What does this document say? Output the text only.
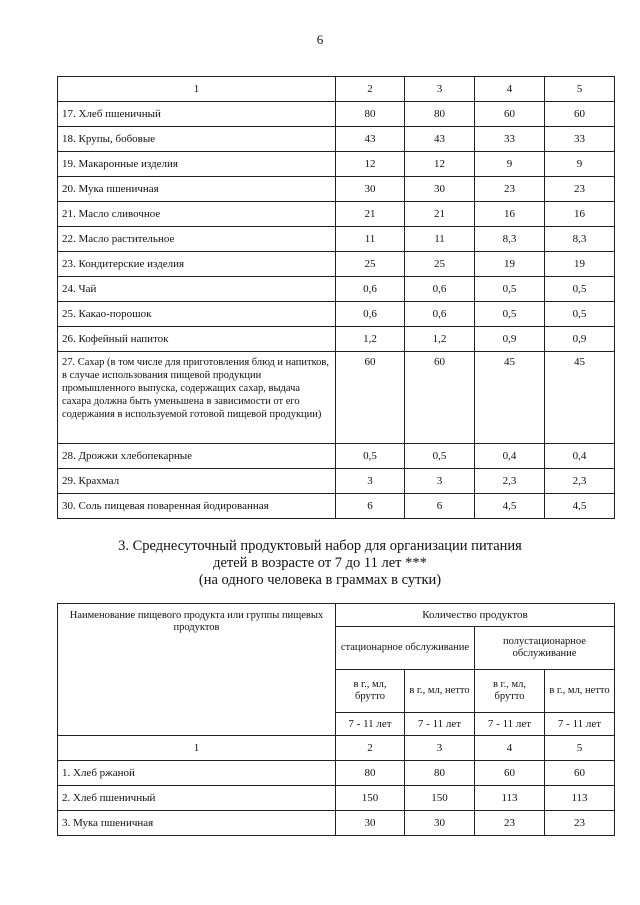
6
1	2	3	4	5
17. Хлеб пшеничный	80	80	60	60
18. Крупы, бобовые	43	43	33	33
19. Макаронные изделия	12	12	9	9
20. Мука пшеничная	30	30	23	23
21. Масло сливочное	21	21	16	16
22. Масло растительное	11	11	8,3	8,3
23. Кондитерские изделия	25	25	19	19
24. Чай	0,6	0,6	0,5	0,5
25. Какао-порошок	0,6	0,6	0,5	0,5
26. Кофейный напиток	1,2	1,2	0,9	0,9
27. Сахар (в том числе для приготовления блюд и напитков, в случае использования пищевой продукции промышленного выпуска, содержащих сахар, выдача сахара должна быть уменьшена в зависимости от его содержания в используемой готовой пищевой продукции)	60	60	45	45
28. Дрожжи хлебопекарные	0,5	0,5	0,4	0,4
29. Крахмал	3	3	2,3	2,3
30. Соль пищевая поваренная йодированная	6	6	4,5	4,5
3. Среднесуточный продуктовый набор для организации питания
детей в возрасте от 7 до 11 лет ***
(на одного человека в граммах в сутки)
Наименование пищевого продукта или группы пищевых продуктов	Количество продуктов			
	стационарное обслуживание		полустационарное обслуживание	
	в г., мл, брутто	в г., мл, нетто	в г., мл, брутто	в г., мл, нетто
	7 - 11 лет	7 - 11 лет	7 - 11 лет	7 - 11 лет
1	2	3	4	5
1. Хлеб ржаной	80	80	60	60
2. Хлеб пшеничный	150	150	113	113
3. Мука пшеничная	30	30	23	23
